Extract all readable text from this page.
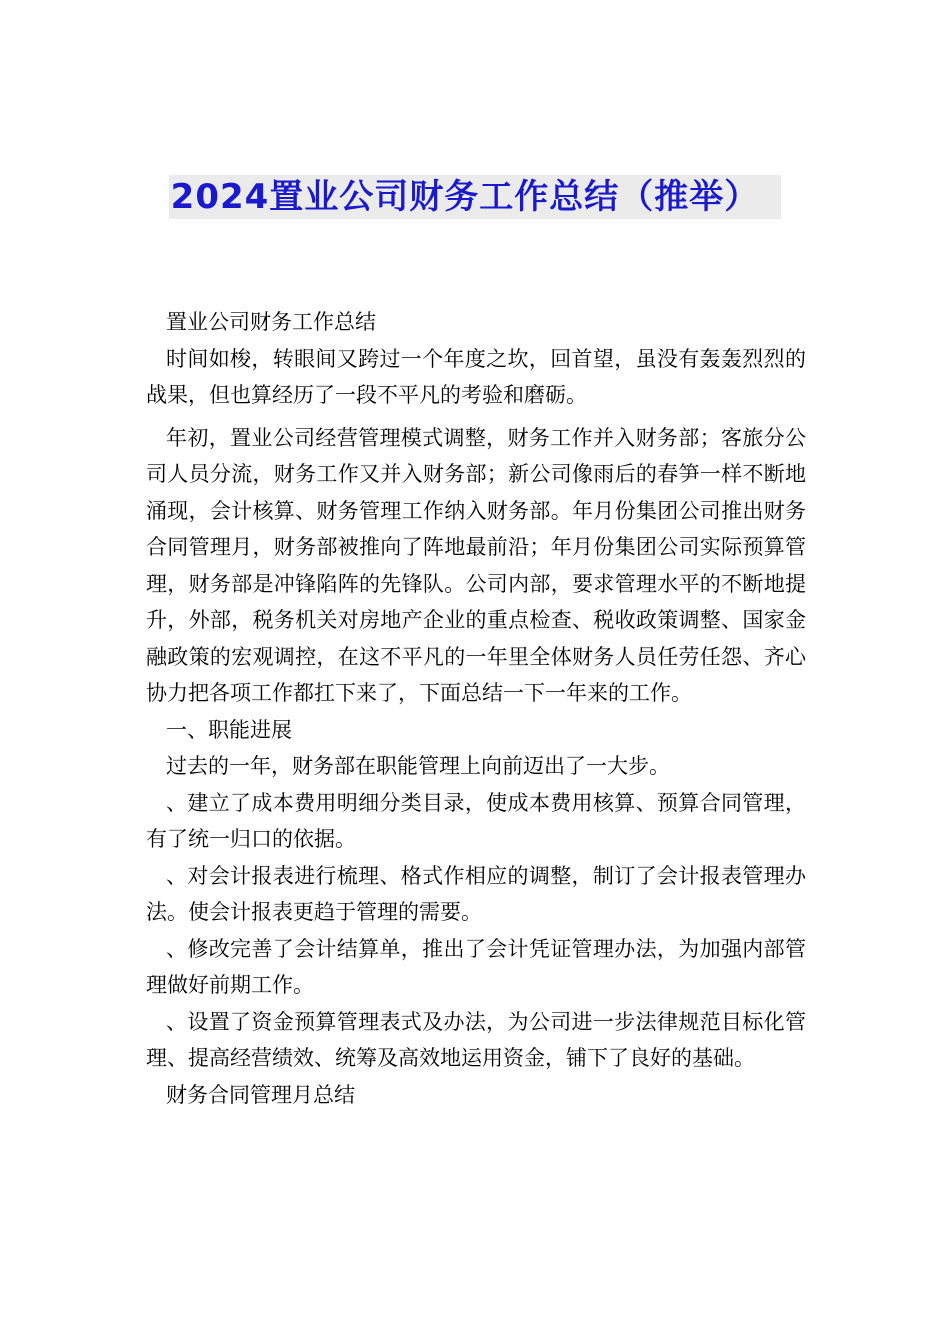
2024置业公司财务工作总结（推举）

置业公司财务工作总结

时间如梭，转眼间又跨过一个年度之坎，回首望，虽没有轰轰烈烈的战果，但也算经历了一段不平凡的考验和磨砺。

年初，置业公司经营管理模式调整，财务工作并入财务部；客旅分公司人员分流，财务工作又并入财务部；新公司像雨后的春笋一样不断地涌现，会计核算、财务管理工作纳入财务部。年月份集团公司推出财务合同管理月，财务部被推向了阵地最前沿；年月份集团公司实际预算管理，财务部是冲锋陷阵的先锋队。公司内部，要求管理水平的不断地提升，外部，税务机关对房地产企业的重点检查、税收政策调整、国家金融政策的宏观调控，在这不平凡的一年里全体财务人员任劳任怨、齐心协力把各项工作都扛下来了，下面总结一下一年来的工作。

一、职能进展

过去的一年，财务部在职能管理上向前迈出了一大步。

、建立了成本费用明细分类目录，使成本费用核算、预算合同管理，有了统一归口的依据。

、对会计报表进行梳理、格式作相应的调整，制订了会计报表管理办法。使会计报表更趋于管理的需要。

、修改完善了会计结算单，推出了会计凭证管理办法，为加强内部管理做好前期工作。

、设置了资金预算管理表式及办法，为公司进一步法律规范目标化管理、提高经营绩效、统筹及高效地运用资金，铺下了良好的基础。

财务合同管理月总结
